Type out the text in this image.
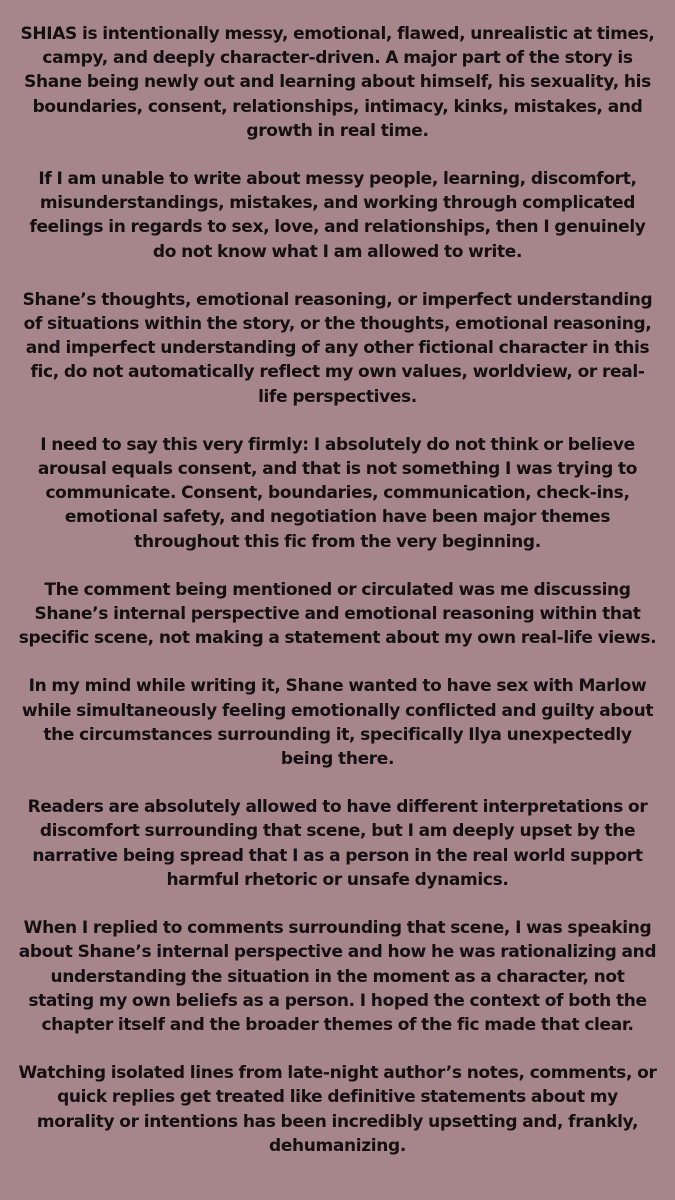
SHIAS is intentionally messy, emotional, flawed, unrealistic at times, campy, and deeply character-driven. A major part of the story is Shane being newly out and learning about himself, his sexuality, his boundaries, consent, relationships, intimacy, kinks, mistakes, and growth in real time.

If I am unable to write about messy people, learning, discomfort, misunderstandings, mistakes, and working through complicated feelings in regards to sex, love, and relationships, then I genuinely do not know what I am allowed to write.

Shane’s thoughts, emotional reasoning, or imperfect understanding of situations within the story, or the thoughts, emotional reasoning, and imperfect understanding of any other fictional character in this fic, do not automatically reflect my own values, worldview, or real-life perspectives.

I need to say this very firmly: I absolutely do not think or believe arousal equals consent, and that is not something I was trying to communicate. Consent, boundaries, communication, check-ins, emotional safety, and negotiation have been major themes throughout this fic from the very beginning.

The comment being mentioned or circulated was me discussing Shane’s internal perspective and emotional reasoning within that specific scene, not making a statement about my own real-life views.

In my mind while writing it, Shane wanted to have sex with Marlow while simultaneously feeling emotionally conflicted and guilty about the circumstances surrounding it, specifically Ilya unexpectedly being there.

Readers are absolutely allowed to have different interpretations or discomfort surrounding that scene, but I am deeply upset by the narrative being spread that I as a person in the real world support harmful rhetoric or unsafe dynamics.

When I replied to comments surrounding that scene, I was speaking about Shane’s internal perspective and how he was rationalizing and understanding the situation in the moment as a character, not stating my own beliefs as a person. I hoped the context of both the chapter itself and the broader themes of the fic made that clear.

Watching isolated lines from late-night author’s notes, comments, or quick replies get treated like definitive statements about my morality or intentions has been incredibly upsetting and, frankly, dehumanizing.
